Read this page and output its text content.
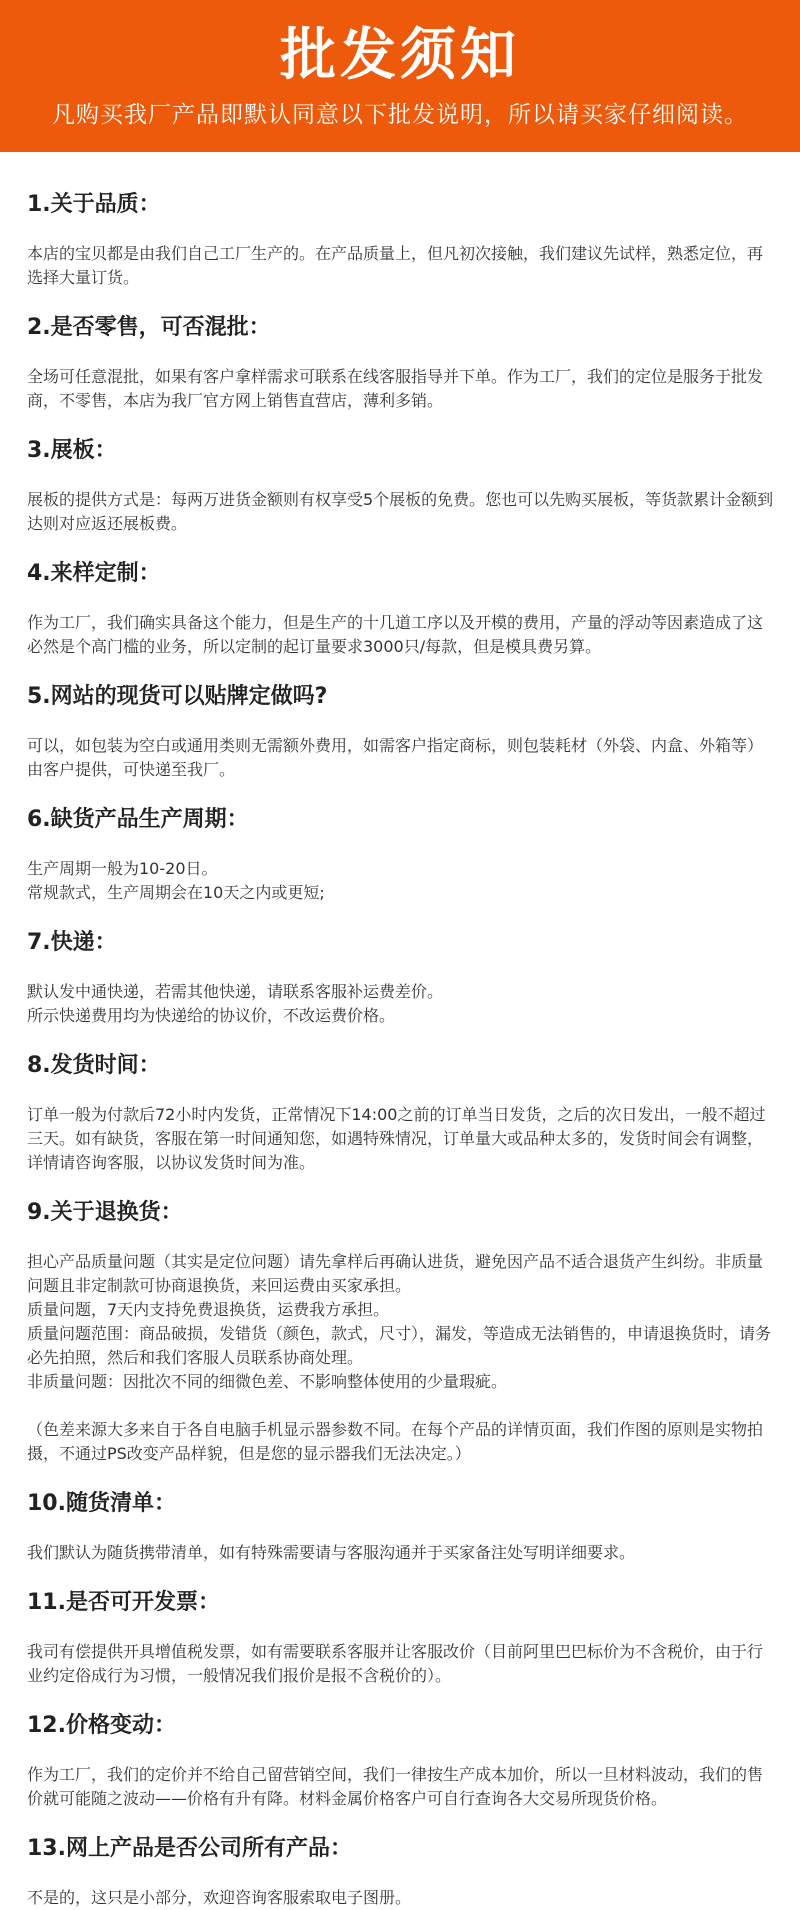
批发须知
凡购买我厂产品即默认同意以下批发说明，所以请买家仔细阅读。
1.关于品质：

本店的宝贝都是由我们自己工厂生产的。在产品质量上，但凡初次接触，我们建议先试样，熟悉定位，再选择大量订货。

2.是否零售，可否混批：

全场可任意混批，如果有客户拿样需求可联系在线客服指导并下单。作为工厂，我们的定位是服务于批发商，不零售，本店为我厂官方网上销售直营店，薄利多销。

3.展板：

展板的提供方式是：每两万进货金额则有权享受5个展板的免费。您也可以先购买展板，等货款累计金额到达则对应返还展板费。

4.来样定制：

作为工厂，我们确实具备这个能力，但是生产的十几道工序以及开模的费用，产量的浮动等因素造成了这必然是个高门槛的业务，所以定制的起订量要求3000只/每款，但是模具费另算。

5.网站的现货可以贴牌定做吗?

可以，如包装为空白或通用类则无需额外费用，如需客户指定商标，则包装耗材（外袋、内盒、外箱等）由客户提供，可快递至我厂。

6.缺货产品生产周期：

生产周期一般为10-20日。

常规款式，生产周期会在10天之内或更短;

7.快递：

默认发中通快递，若需其他快递，请联系客服补运费差价。

所示快递费用均为快递给的协议价，不改运费价格。

8.发货时间：

订单一般为付款后72小时内发货，正常情况下14:00之前的订单当日发货，之后的次日发出，一般不超过三天。如有缺货，客服在第一时间通知您，如遇特殊情况，订单量大或品种太多的，发货时间会有调整，详情请咨询客服，以协议发货时间为准。

9.关于退换货：

担心产品质量问题（其实是定位问题）请先拿样后再确认进货，避免因产品不适合退货产生纠纷。非质量问题且非定制款可协商退换货，来回运费由买家承担。

质量问题，7天内支持免费退换货，运费我方承担。

质量问题范围：商品破损，发错货（颜色，款式，尺寸），漏发，等造成无法销售的，申请退换货时，请务必先拍照，然后和我们客服人员联系协商处理。

非质量问题：因批次不同的细微色差、不影响整体使用的少量瑕疵。

（色差来源大多来自于各自电脑手机显示器参数不同。在每个产品的详情页面，我们作图的原则是实物拍摄，不通过PS改变产品样貌，但是您的显示器我们无法决定。）

10.随货清单：

我们默认为随货携带清单，如有特殊需要请与客服沟通并于买家备注处写明详细要求。

11.是否可开发票：

我司有偿提供开具增值税发票，如有需要联系客服并让客服改价（目前阿里巴巴标价为不含税价，由于行业约定俗成行为习惯，一般情况我们报价是报不含税价的）。

12.价格变动：

作为工厂，我们的定价并不给自己留营销空间，我们一律按生产成本加价，所以一旦材料波动，我们的售价就可能随之波动——价格有升有降。材料金属价格客户可自行查询各大交易所现货价格。

13.网上产品是否公司所有产品：

不是的，这只是小部分，欢迎咨询客服索取电子图册。
